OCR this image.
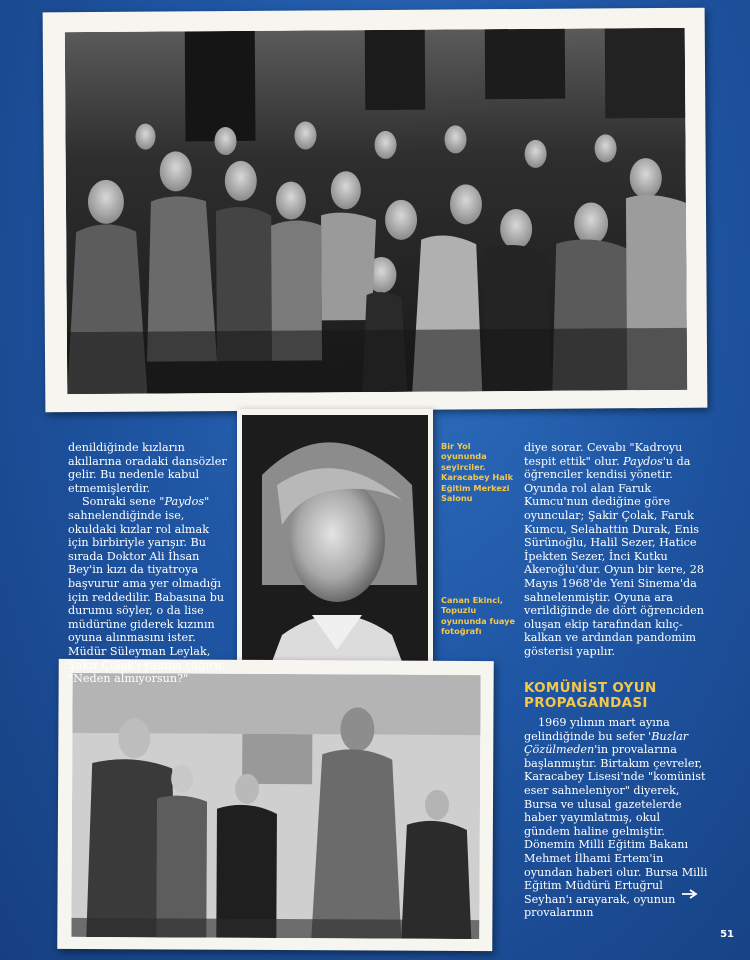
denildiğinde kızların akıllarına oradaki dansözler gelir. Bu nedenle kabul etmemişlerdir.

Sonraki sene "Paydos" sahnelendiğinde ise, okuldaki kızlar rol almak için birbiriyle yarışır. Bu sırada Doktor Ali İhsan Bey'in kızı da tiyatroya başvurur ama yer olmadığı için reddedilir. Babasına bu durumu söyler, o da lise müdürüne giderek kızının oyuna alınmasını ister. Müdür Süleyman Leylak, Şakir Çolak'ı yanına çağırır, "Neden almıyorsun?"

Bir Yol oyununda seyirciler. Karacabey Halk Eğitim Merkezi Salonu
Canan Ekinci, Topuzlu oyununda fuaye fotoğrafı

diye sorar. Cevabı "Kadroyu tespit ettik" olur. Paydos'u da öğrenciler kendisi yönetir. Oyunda rol alan Faruk Kumcu'nun dediğine göre oyuncular; Şakir Çolak, Faruk Kumcu, Selahattin Durak, Enis Sürünoğlu, Halil Sezer, Hatice İpekten Sezer, İnci Kutku Akeroğlu'dur. Oyun bir kere, 28 Mayıs 1968'de Yeni Sinema'da sahnelenmiştir. Oyuna ara verildiğinde de dört öğrenciden oluşan ekip tarafından kılıç-kalkan ve ardından pandomim gösterisi yapılır.

KOMÜNİST OYUN PROPAGANDASI

1969 yılının mart ayına gelindiğinde bu sefer 'Buzlar Çözülmeden'in provalarına başlanmıştır. Birtakım çevreler, Karacabey Lisesi'nde "komünist eser sahneleniyor" diyerek, Bursa ve ulusal gazetelerde haber yayımlatmış, okul gündem haline gelmiştir. Dönemin Milli Eğitim Bakanı Mehmet İlhami Ertem'in oyundan haberi olur. Bursa Milli Eğitim Müdürü Ertuğrul Seyhan'ı arayarak, oyunun provalarının

51
